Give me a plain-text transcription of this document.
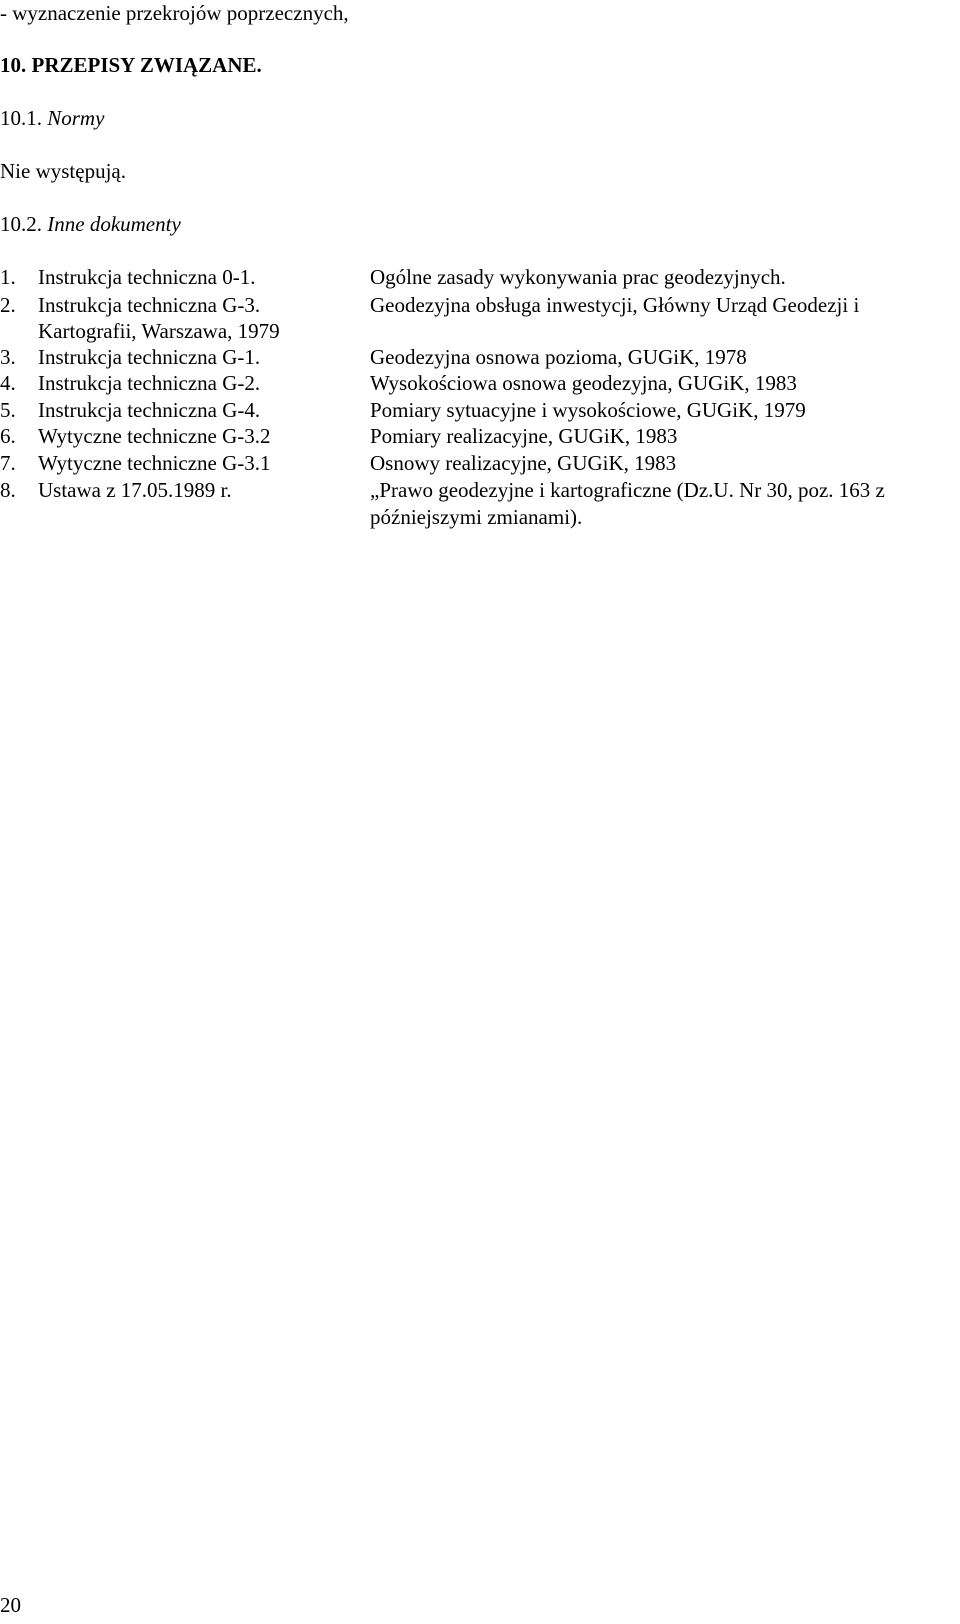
- wyznaczenie przekrojów poprzecznych,
10. PRZEPISY ZWIĄZANE.
10.1. Normy
Nie występują.
10.2. Inne dokumenty
1. Instrukcja techniczna 0-1.	Ogólne zasady wykonywania prac geodezyjnych.
2. Instrukcja techniczna G-3.	Geodezyjna obsługa inwestycji, Główny Urząd Geodezji i
Kartografii, Warszawa, 1979
3. Instrukcja techniczna G-1.	Geodezyjna osnowa pozioma, GUGiK, 1978
4. Instrukcja techniczna G-2.	Wysokościowa osnowa geodezyjna, GUGiK, 1983
5. Instrukcja techniczna G-4.	Pomiary sytuacyjne i wysokościowe, GUGiK, 1979
6. Wytyczne techniczne G-3.2	Pomiary realizacyjne, GUGiK, 1983
7. Wytyczne techniczne G-3.1	Osnowy realizacyjne, GUGiK, 1983
8. Ustawa z 17.05.1989 r.	„Prawo geodezyjne i kartograficzne (Dz.U. Nr 30, poz. 163 z
późniejszymi zmianami).
20
